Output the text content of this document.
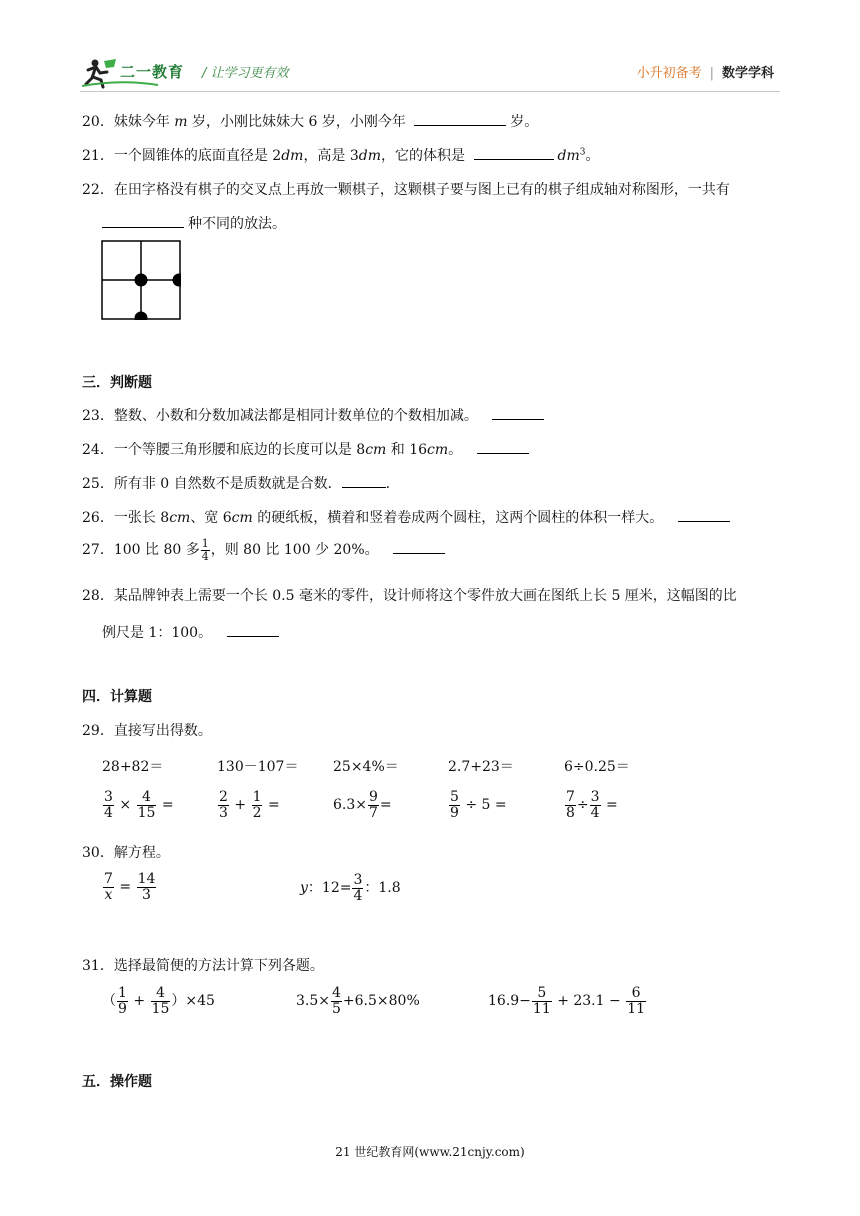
二一教育 / 让学习更有效	小升初备考 | 数学学科
20．妹妹今年 m 岁，小刚比妹妹大 6 岁，小刚今年	岁。
21．一个圆锥体的底面直径是 2dm，高是 3dm，它的体积是	$dm^3$。
22．在田字格没有棋子的交叉点上再放一颗棋子，这颗棋子要与图上已有的棋子组成轴对称图形，一共有
种不同的放法。
三．判断题
23．整数、小数和分数加减法都是相同计数单位的个数相加减。
24．一个等腰三角形腰和底边的长度可以是 8cm 和 16cm。
25．所有非 0 自然数不是质数就是合数．	.
26．一张长 8cm、宽 6cm 的硬纸板，横着和竖着卷成两个圆柱，这两个圆柱的体积一样大。
27．100 比 80 多 $\frac{1}{4}$ ，则 80 比 100 少 20%。
28．某品牌钟表上需要一个长 0.5 毫米的零件，设计师将这个零件放大画在图纸上长 5 厘米，这幅图的比
例尺是 1：100。
四．计算题
29．直接写出得数。
28+82＝	130－107＝ 25×4%＝	2.7+23＝	6÷0.25＝
$\frac{3}{4} \times \frac{4}{15}$ =	$\frac{2}{3} + \frac{1}{2}$ =	$6.3\times \frac{9}{7}$ =	$\frac{5}{9} \div 5$ =	$\frac{7}{8} \div \frac{3}{4}$ =
30．解方程。
$\frac{7}{x} = \frac{14}{3}$	y：$12= \frac{3}{4}$ ：1.8
31．选择最简便的方法计算下列各题。
（ $\frac{1}{9} + \frac{4}{15} )\times 45$	$3.5\times \frac{4}{5} +6.5\times 80\%$	$16.9- \frac{5}{11} + 23.1 - \frac{6}{11}$
五．操作题
21 世纪教育网(www.21cnjy.com)
